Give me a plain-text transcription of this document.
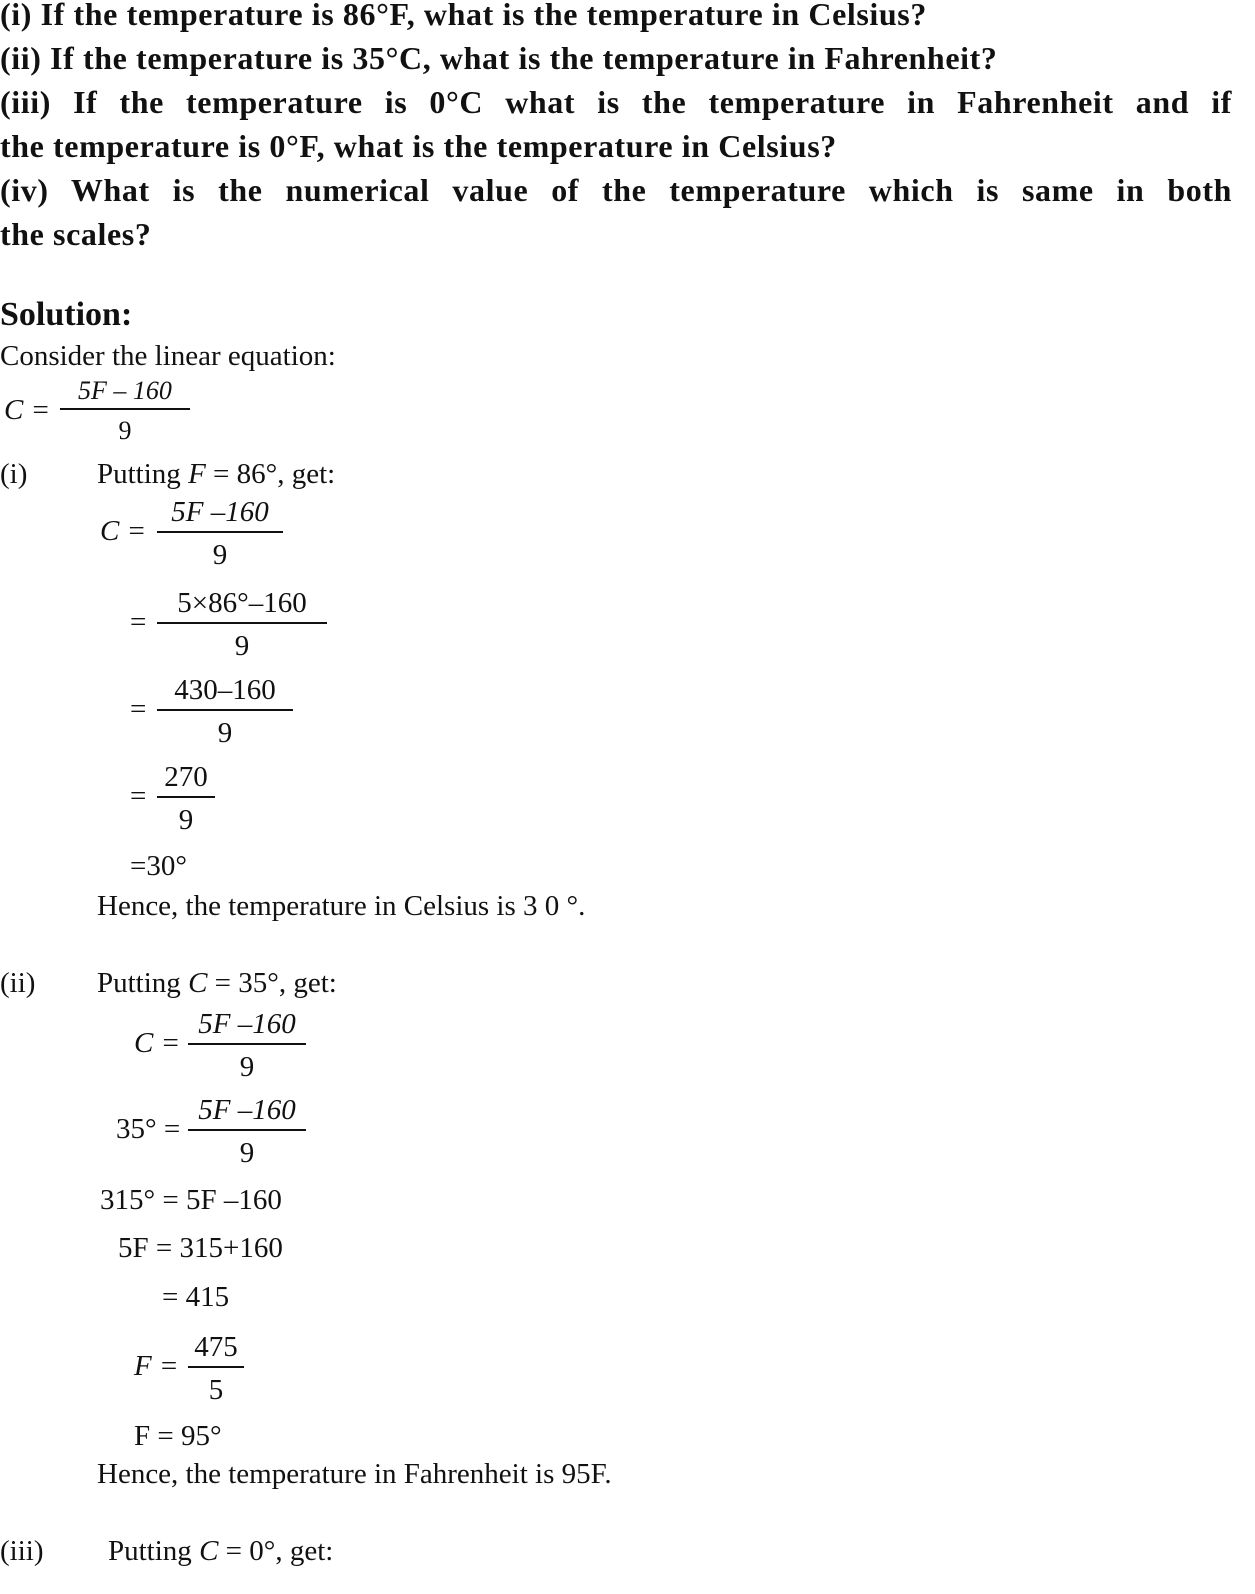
(i) If the temperature is 86°F, what is the temperature in Celsius?
(ii) If the temperature is 35°C, what is the temperature in Fahrenheit?
(iii) If the temperature is 0°C what is the temperature in Fahrenheit and if
the temperature is 0°F, what is the temperature in Celsius?
(iv) What is the numerical value of the temperature which is same in both
the scales?
Solution:
Consider the linear equation:
C =
5F – 160
9
(i) Putting F = 86°, get:
C =
5F –160
9
=
5×86°–160
9
=
430–160
9
=
270
9
=30°
Hence, the temperature in Celsius is 3 0 °.
(ii) Putting C = 35°, get:
C =
5F –160
9
35° =
5F –160
9
315° = 5F –160
5F = 315+160
= 415
F =
475
5
F = 95°
Hence, the temperature in Fahrenheit is 95F.
(iii) Putting C = 0°, get:
